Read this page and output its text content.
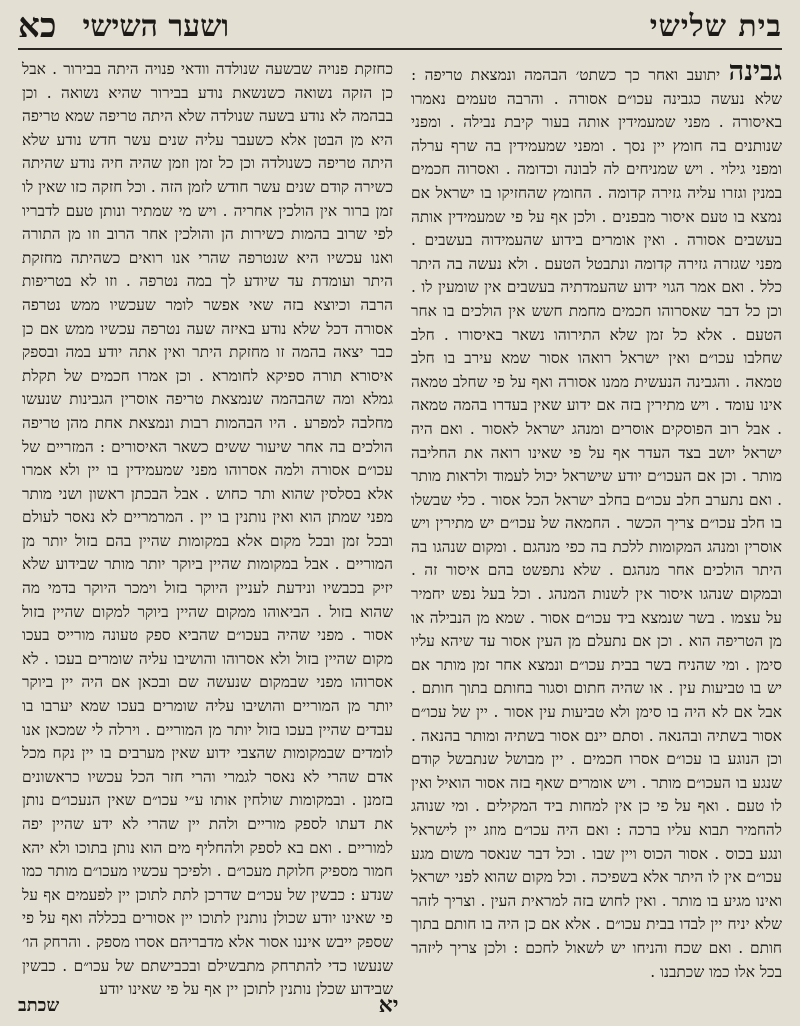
בית שלישי
ושער השישי
כא

גבינה יתועב ואחר כך כשתט׳ הבהמה ונמצאת טריפה : שלא נעשה כגבינה עכו״ם אסורה . והרבה טעמים נאמרו באיסורה . מפני שמעמידין אותה בעור קיבת נבילה . ומפני שנותנים בה חומץ יין נסך . ומפני שמעמידין בה שרף ערלה ומפני גילוי . ויש שמניחים לה לבונה וכדומה . ואסרוה חכמים במנין וגזרו עליה גזירה קדומה . החומץ שהחזיקו בו ישראל אם נמצא בו טעם איסור מבפנים . ולכן אף על פי שמעמידין אותה בעשבים אסורה . ואין אומרים בידוע שהעמידוה בעשבים . מפני שגזרה גזירה קדומה ונתבטל הטעם . ולא נעשה בה היתר כלל . ואם אמר הגוי ידוע שהעמדתיה בעשבים אין שומעין לו . וכן כל דבר שאסרוהו חכמים מחמת חשש אין הולכים בו אחר הטעם . אלא כל זמן שלא התירוהו נשאר באיסורו . חלב שחלבו עכו״ם ואין ישראל רואהו אסור שמא עירב בו חלב טמאה . והגבינה הנעשית ממנו אסורה ואף על פי שחלב טמאה אינו עומד . ויש מתירין בזה אם ידוע שאין בעדרו בהמה טמאה . אבל רוב הפוסקים אוסרים ומנהג ישראל לאסור . ואם היה ישראל יושב בצד העדר אף על פי שאינו רואה את החליבה מותר . וכן אם העכו״ם יודע שישראל יכול לעמוד ולראות מותר . ואם נתערב חלב עכו״ם בחלב ישראל הכל אסור . כלי שבשלו בו חלב עכו״ם צריך הכשר . החמאה של עכו״ם יש מתירין ויש אוסרין ומנהג המקומות ללכת בה כפי מנהגם . ומקום שנהגו בה היתר הולכים אחר מנהגם . שלא נתפשט בהם איסור זה . ובמקום שנהגו איסור אין לשנות המנהג . וכל בעל נפש יחמיר על עצמו . בשר שנמצא ביד עכו״ם אסור . שמא מן הנבילה או מן הטריפה הוא . וכן אם נתעלם מן העין אסור עד שיהא עליו סימן . ומי שהניח בשר בבית עכו״ם ונמצא אחר זמן מותר אם יש בו טביעות עין . או שהיה חתום וסגור בחותם בתוך חותם . אבל אם לא היה בו סימן ולא טביעות עין אסור . יין של עכו״ם אסור בשתיה ובהנאה . וסתם יינם אסור בשתיה ומותר בהנאה . וכן הנוגע בו עכו״ם אסרו חכמים . יין מבושל שנתבשל קודם שנגע בו העכו״ם מותר . ויש אומרים שאף בזה אסור הואיל ואין לו טעם . ואף על פי כן אין למחות ביד המקילים . ומי שנוהג להחמיר תבוא עליו ברכה : ואם היה עכו״ם מוזג יין לישראל ונגע בכוס . אסור הכוס ויין שבו . וכל דבר שנאסר משום מגע עכו״ם אין לו היתר אלא בשפיכה . וכל מקום שהוא לפני ישראל ואינו מגיע בו מותר . ואין לחוש בזה למראית העין . וצריך לזהר שלא יניח יין לבדו בבית עכו״ם . אלא אם כן היה בו חותם בתוך חותם . ואם שכח והניחו יש לשאול לחכם : ולכן צריך ליזהר בכל אלו כמו שכתבנו .

כחזקת פנויה שבשעה שנולדה וודאי פנויה היתה בבירור . אבל כן הזקה נשואה כשנשאת נודע בבירור שהיא נשואה . וכן בבהמה לא נודע בשעה שנולדה שלא היתה טריפה שמא טריפה היא מן הבטן אלא כשעבר עליה שנים עשר חדש נודע שלא היתה טריפה כשנולדה וכן כל זמן וזמן שהיה חיה נודע שהיתה כשירה קודם שנים עשר חודש לזמן הזה . וכל חזקה כזו שאין לו זמן ברור אין הולכין אחריה . ויש מי שמתיר ונותן טעם לדבריו לפי שרוב בהמות כשירות הן והולכין אחר הרוב וזו מן התורה ואנו עכשיו היא שנטרפה שהרי אנו רואים כשהיתה מחזקת היתר ועומדת עד שיודע לך במה נטרפה . וזו לא בטריפות הרבה וכיוצא בזה שאי אפשר לומר שעכשיו ממש נטרפה אסורה דכל שלא נודע באיזה שעה נטרפה עכשיו ממש אם כן כבר יצאה בהמה זו מחזקת היתר ואין אתה יודע במה ובספק איסורא תורה ספיקא לחומרא . וכן אמרו חכמים של תקלת גמלא ומה שהבהמה שנמצאת טריפה אוסרין הגבינות שנעשו מחלבה למפרע . היו הבהמות רבות ונמצאת אחת מהן טריפה הולכים בה אחר שיעור ששים כשאר האיסורים : המזריים של עכו״ם אסורה ולמה אסרוהו מפני שמעמידין בו יין ולא אמרו אלא בסלסין שהוא ותר כחוש . אבל הבכתן ראשון ושני מותר מפני שמתן הוא ואין נותנין בו יין . המרמריים לא נאסר לעולם ובכל זמן ובכל מקום אלא במקומות שהיין בהם בזול יותר מן המוריים . אבל במקומות שהיין ביוקר יותר מותר שבידוע שלא יזיק בכבשיו ונידעת לעניין היוקר בזול וימכר היוקר בדמי מה שהוא בזול . הביאוהו ממקום שהיין ביוקר למקום שהיין בזול אסור . מפני שהיה בעכו״ם שהביא ספק טעונה מורייס בעכו מקום שהיין בזול ולא אסרוהו והושיבו עליה שומרים בעכו . לא אסרוהו מפני שבמקום שנעשה שם ובכאן אם היה יין ביוקר יותר מן המוריים והושיבו עליה שומרים בעכו שמא יערבו בו עבדים שהיין בעכו בזול יותר מן המוריים . וירלה לי שמכאן אנו לומדים שבמקומות שהצבי ידוע שאין מערבים בו יין נקח מכל אדם שהרי לא נאסר לגמרי והרי חזר הכל עכשיו כראשונים בזמנן . ובמקומות שולחין אותו ע״י עכו״ם שאין הנעכו״ם נותן את דעתו לספק מוריים ולהת יין שהרי לא ידע שהיין יפה למוריים . ואם בא לספק ולהחליף מים הוא נותן בתוכו ולא יהא חמור מספיק חלוקת מעכו״ם . ולפיכך עכשיו מעכו״ם מותר כמו שנדע : כבשין של עכו״ם שדרכן לתת לתוכן יין לפעמים אף על פי שאינו יודע שכולן נותנין לתוכו יין אסורים בכללה ואף על פי שספק ייבש איננו אסור אלא מדבריהם אסרו מספק . והרחק הו׳ שנעשו כדי להתרחק מתבשילם ובכבישתם של עכו״ם . כבשין שבידוע שכלן נותנין לתוכן יין אף על פי שאינו יודע

יא
שכתב
